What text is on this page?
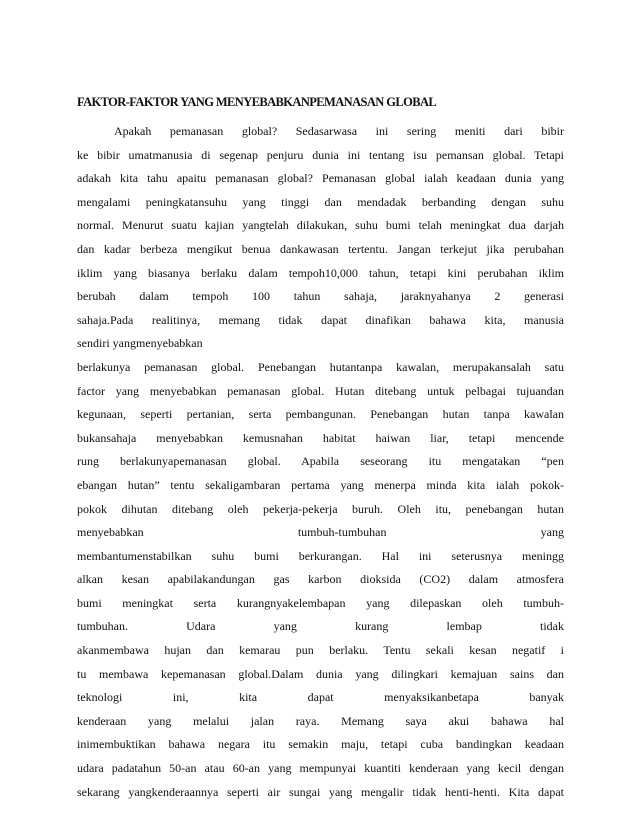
FAKTOR-FAKTOR YANG MENYEBABKANPEMANASAN GLOBAL
Apakah pemanasan global? Sedasarwasa ini sering meniti dari bibir
ke bibir umatmanusia di segenap penjuru dunia ini tentang isu pemansan global. Tetapi
adakah kita tahu apaitu pemanasan global? Pemanasan global ialah keadaan dunia yang
mengalami peningkatansuhu yang tinggi dan mendadak berbanding dengan suhu
normal. Menurut suatu kajian yangtelah dilakukan, suhu bumi telah meningkat dua darjah
dan kadar berbeza mengikut benua dankawasan tertentu. Jangan terkejut jika perubahan
iklim yang biasanya berlaku dalam tempoh10,000 tahun, tetapi kini perubahan iklim
berubah dalam tempoh 100 tahun sahaja, jaraknyahanya 2 generasi
sahaja.Pada realitinya, memang tidak dapat dinafikan bahawa kita, manusia
sendiri yangmenyebabkan
berlakunya pemanasan global. Penebangan hutantanpa kawalan, merupakansalah satu
factor yang menyebabkan pemanasan global. Hutan ditebang untuk pelbagai tujuandan
kegunaan, seperti pertanian, serta pembangunan. Penebangan hutan tanpa kawalan
bukansahaja menyebabkan kemusnahan habitat haiwan liar, tetapi mencende
rung berlakunyapemanasan global. Apabila seseorang itu mengatakan “pen
ebangan hutan” tentu sekaligambaran pertama yang menerpa minda kita ialah pokok-
pokok dihutan ditebang oleh pekerja-pekerja buruh. Oleh itu, penebangan hutan
menyebabkan tumbuh-tumbuhan yang
membantumenstabilkan suhu bumi berkurangan. Hal ini seterusnya meningg
alkan kesan apabilakandungan gas karbon dioksida (CO2) dalam atmosfera
bumi meningkat serta kurangnyakelembapan yang dilepaskan oleh tumbuh-
tumbuhan. Udara yang kurang lembap tidak
akanmembawa hujan dan kemarau pun berlaku. Tentu sekali kesan negatif i
tu membawa kepemanasan global.Dalam dunia yang dilingkari kemajuan sains dan
teknologi ini, kita dapat menyaksikanbetapa banyak
kenderaan yang melalui jalan raya. Memang saya akui bahawa hal
inimembuktikan bahawa negara itu semakin maju, tetapi cuba bandingkan keadaan
udara padatahun 50-an atau 60-an yang mempunyai kuantiti kenderaan yang kecil dengan
sekarang yangkenderaannya seperti air sungai yang mengalir tidak henti-henti. Kita dapat
